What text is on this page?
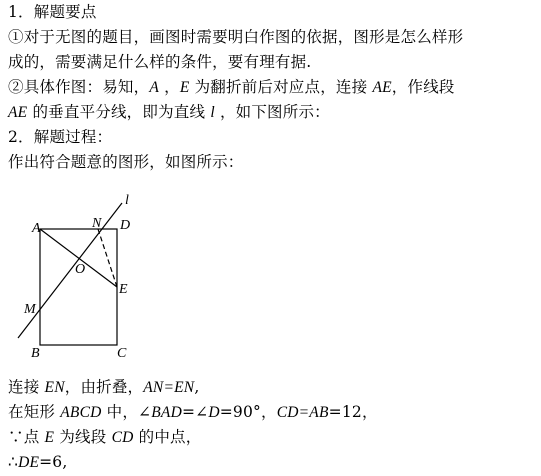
1．解题要点
①对于无图的题目，画图时需要明白作图的依据，图形是怎么样形
成的，需要满足什么样的条件，要有理有据.
②具体作图：易知，A ，E 为翻折前后对应点，连接 AE，作线段
AE 的垂直平分线，即为直线 l ，如下图所示：
2．解题过程：
作出符合题意的图形，如图所示：
A	N D
O
E
M
B	C
l
连接 EN，由折叠，AN=EN,
在矩形 ABCD 中，∠BAD=∠D=90°，CD=AB=12，
∵点 E 为线段 CD 的中点，
∴DE=6,
